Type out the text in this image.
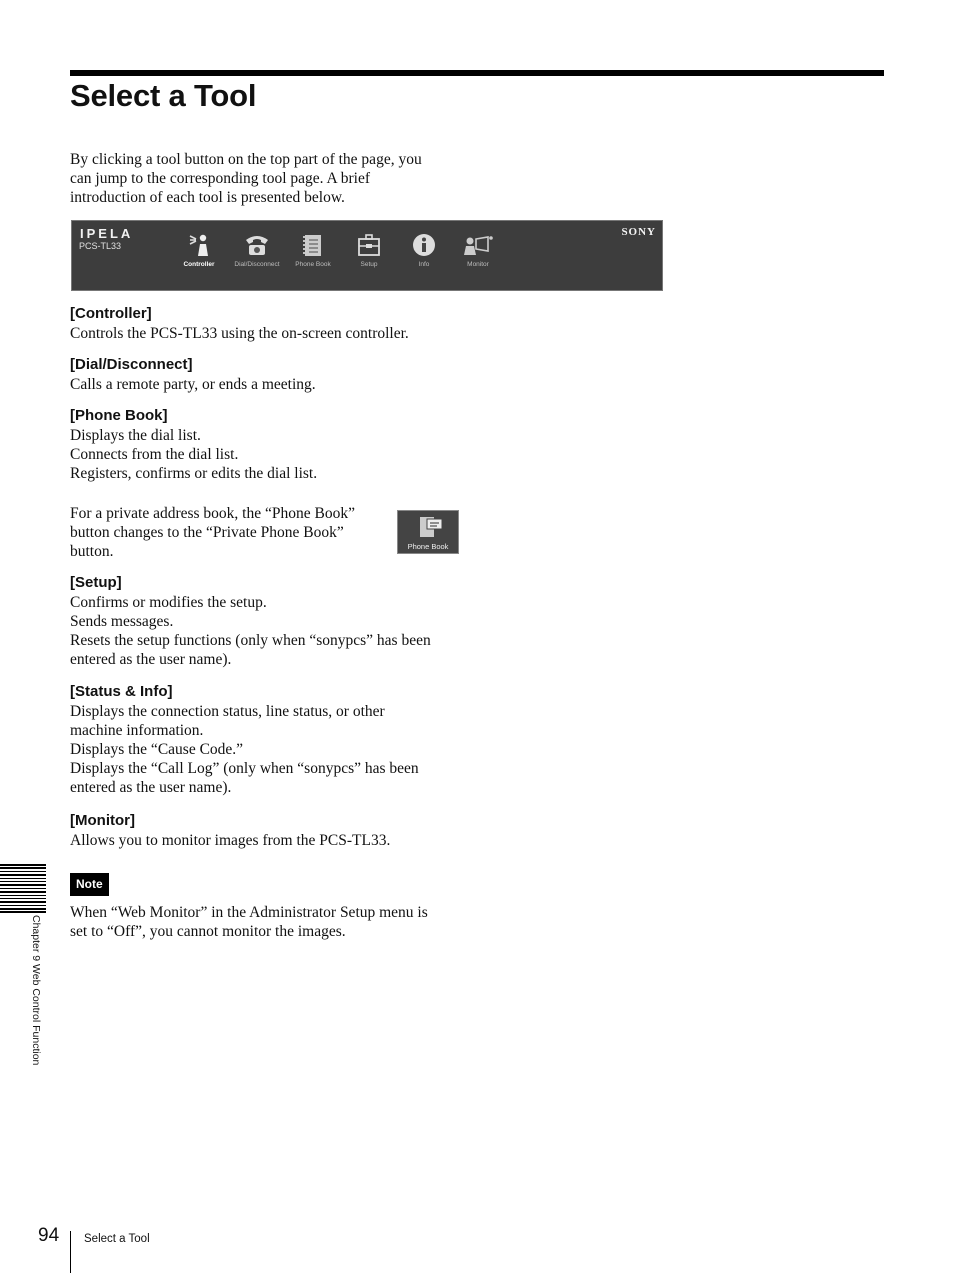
Select a Tool
By clicking a tool button on the top part of the page, you
can jump to the corresponding tool page. A brief
introduction of each tool is presented below.
IPELA
PCS-TL33
SONY
Controller	Dial/Disconnect	Phone Book	Setup	Info	Monitor
[Controller]
Controls the PCS-TL33 using the on-screen controller.
[Dial/Disconnect]
Calls a remote party, or ends a meeting.
[Phone Book]
Displays the dial list.
Connects from the dial list.
Registers, confirms or edits the dial list.
For a private address book, the “Phone Book”
button changes to the “Private Phone Book”
button.	Phone Book
[Setup]
Confirms or modifies the setup.
Sends messages.
Resets the setup functions (only when “sonypcs” has been
entered as the user name).
[Status & Info]
Displays the connection status, line status, or other
machine information.
Displays the “Cause Code.”
Displays the “Call Log” (only when “sonypcs” has been
entered as the user name).
[Monitor]
Allows you to monitor images from the PCS-TL33.
Note
When “Web Monitor” in the Administrator Setup menu is
set to “Off”, you cannot monitor the images.
Chapter 9 Web Control Function
94 Select a Tool
